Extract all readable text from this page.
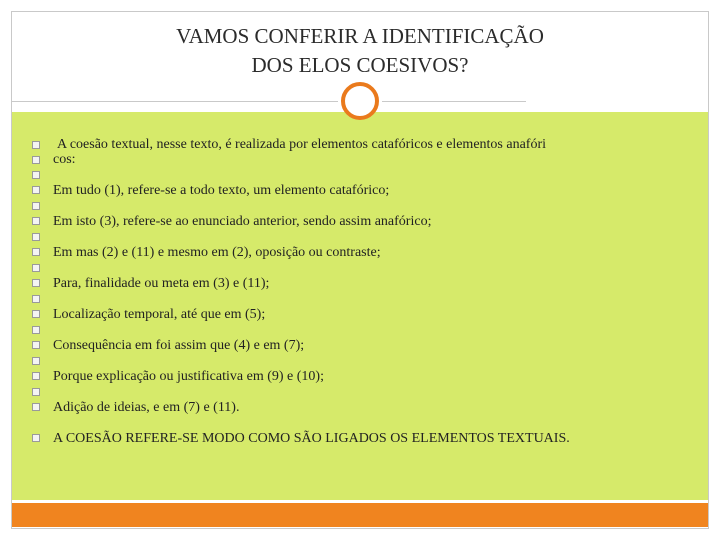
VAMOS CONFERIR A IDENTIFICAÇÃO
DOS ELOS COESIVOS?
A coesão textual, nesse texto, é realizada por elementos catafóricos e elementos anafóri
cos:
Em tudo (1), refere-se a todo texto, um elemento catafórico;
Em isto (3), refere-se ao enunciado anterior, sendo assim anafórico;
Em mas (2) e (11) e mesmo em (2), oposição ou contraste;
Para, finalidade ou meta em (3) e (11);
Localização temporal, até que em (5);
Consequência em foi assim que (4) e em (7);
Porque explicação ou justificativa em (9) e (10);
Adição de ideias, e em (7) e (11).
A COESÃO REFERE-SE MODO COMO SÃO LIGADOS OS ELEMENTOS TEXTUAIS.
